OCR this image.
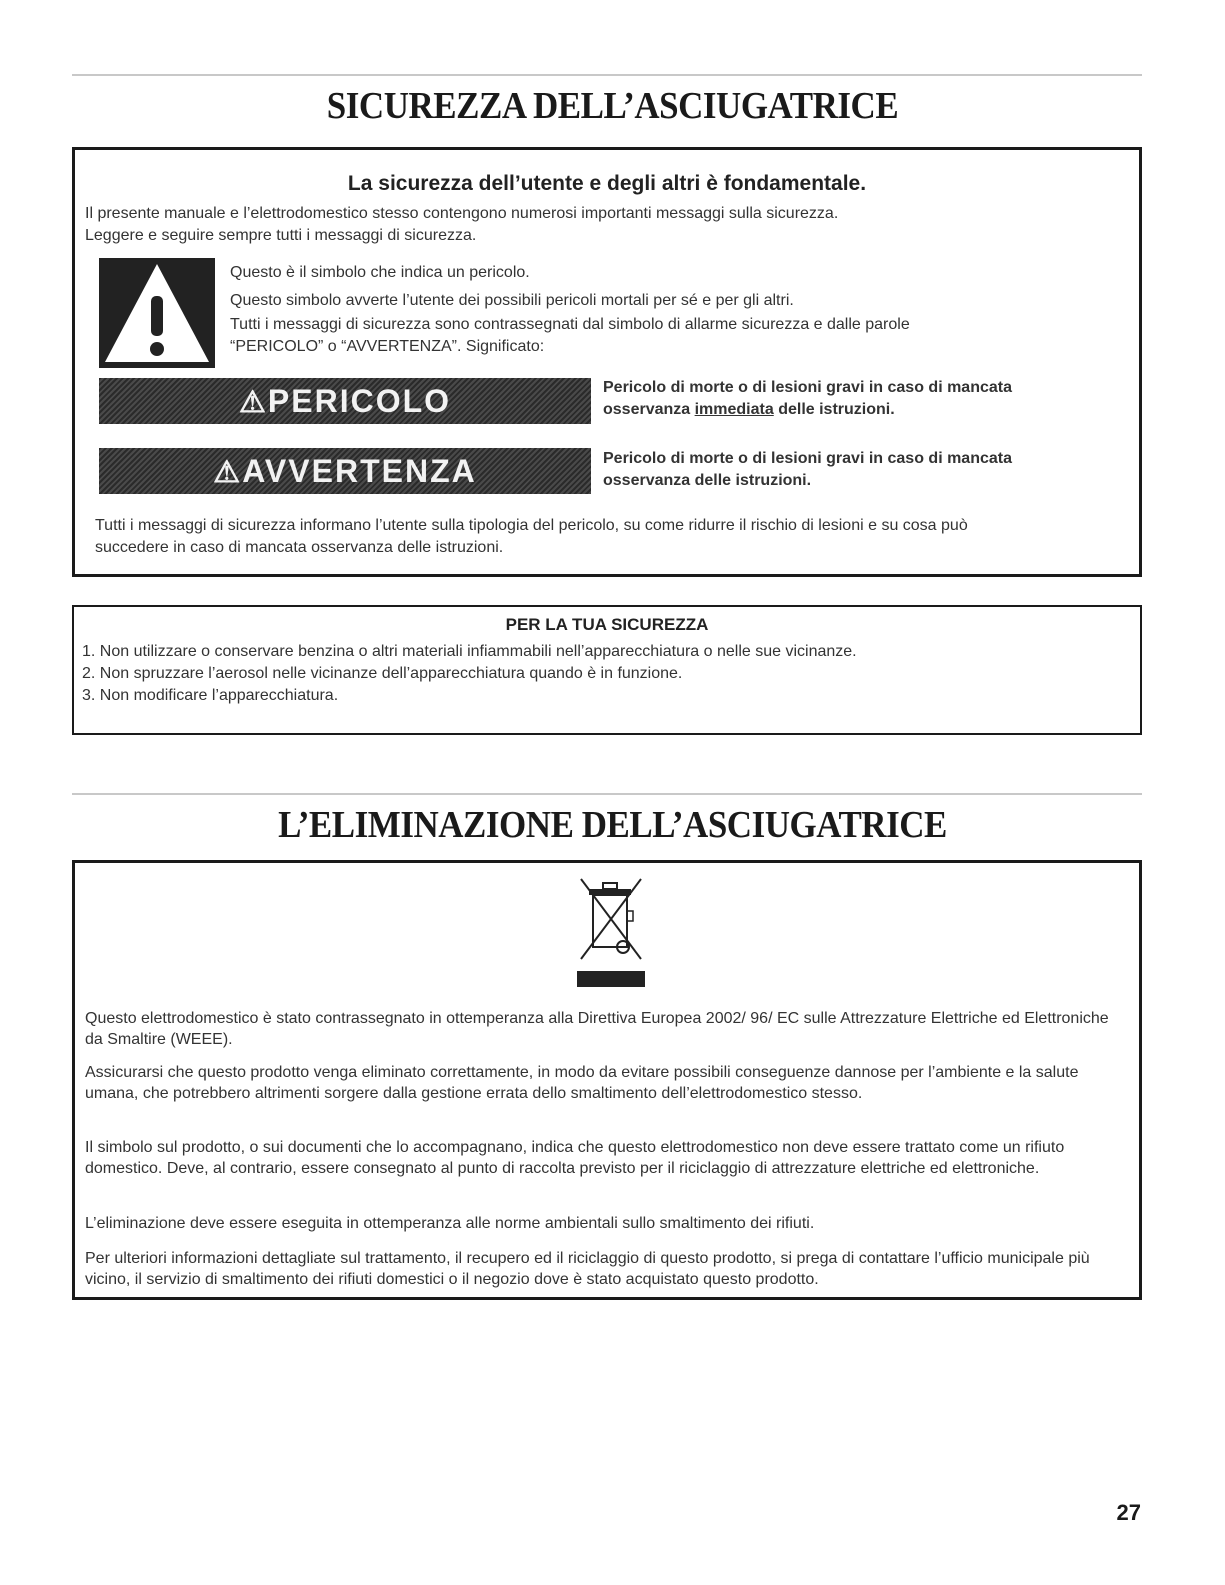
SICUREZZA DELL’ASCIUGATRICE
La sicurezza dell’utente e degli altri è fondamentale.
Il presente manuale e l’elettrodomestico stesso contengono numerosi importanti messaggi sulla sicurezza.
Leggere e seguire sempre tutti i messaggi di sicurezza.
Questo è il simbolo che indica un pericolo.
Questo simbolo avverte l’utente dei possibili pericoli mortali per sé e per gli altri.
Tutti i messaggi di sicurezza sono contrassegnati dal simbolo di allarme sicurezza e dalle parole
“PERICOLO” o “AVVERTENZA”. Significato:
⚠PERICOLO	Pericolo di morte o di lesioni gravi in caso di mancata
osservanza immediata delle istruzioni.
⚠AVVERTENZA	Pericolo di morte o di lesioni gravi in caso di mancata
osservanza delle istruzioni.
Tutti i messaggi di sicurezza informano l’utente sulla tipologia del pericolo, su come ridurre il rischio di lesioni e su cosa può
succedere in caso di mancata osservanza delle istruzioni.
PER LA TUA SICUREZZA
1. Non utilizzare o conservare benzina o altri materiali infiammabili nell’apparecchiatura o nelle sue vicinanze.
2. Non spruzzare l’aerosol nelle vicinanze dell’apparecchiatura quando è in funzione.
3. Non modificare l’apparecchiatura.
L’ELIMINAZIONE DELL’ASCIUGATRICE
Questo elettrodomestico è stato contrassegnato in ottemperanza alla Direttiva Europea 2002/ 96/ EC sulle Attrezzature Elettriche ed Elettroniche da Smaltire (WEEE).
Assicurarsi che questo prodotto venga eliminato correttamente, in modo da evitare possibili conseguenze dannose per l’ambiente e la salute umana, che potrebbero altrimenti sorgere dalla gestione errata dello smaltimento dell’elettrodomestico stesso.
Il simbolo sul prodotto, o sui documenti che lo accompagnano, indica che questo elettrodomestico non deve essere trattato come un rifiuto domestico. Deve, al contrario, essere consegnato al punto di raccolta previsto per il riciclaggio di attrezzature elettriche ed elettroniche.
L’eliminazione deve essere eseguita in ottemperanza alle norme ambientali sullo smaltimento dei rifiuti.
Per ulteriori informazioni dettagliate sul trattamento, il recupero ed il riciclaggio di questo prodotto, si prega di contattare l’ufficio municipale più vicino, il servizio di smaltimento dei rifiuti domestici o il negozio dove è stato acquistato questo prodotto.
27
